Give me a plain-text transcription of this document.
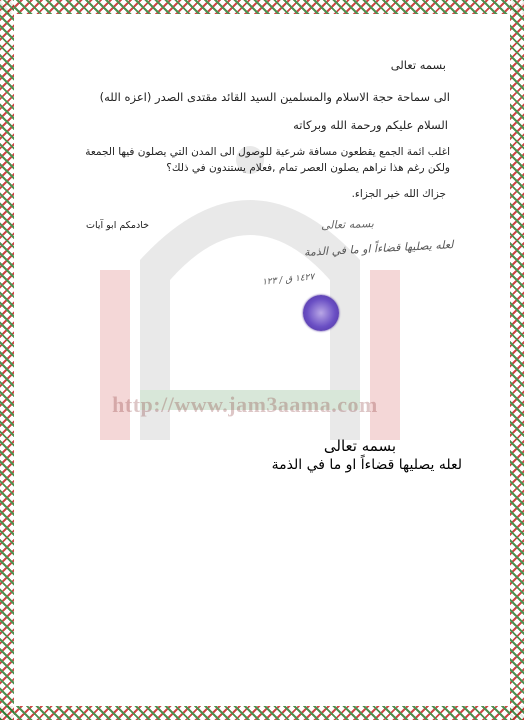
http://www.jam3aama.com
بسمه تعالى
الى سماحة حجة الاسلام والمسلمين السيد القائد مقتدى الصدر (اعزه الله)
السلام عليكم ورحمة الله وبركاته
اغلب ائمة الجمع يقطعون مسافة شرعية للوصول الى المدن التي يصلون فيها الجمعة ولكن رغم هذا نراهم يصلون العصر تمام ,فعلام يستندون في ذلك؟
جزاك الله خير الجزاء.
خادمكم ابو آيات	بسمه تعالى
لعله يصليها قضاءاً او ما في الذمة
١٤٢٧ ق / ١٢٣
بسمه تعالى
لعله يصليها قضاءاً او ما في الذمة
